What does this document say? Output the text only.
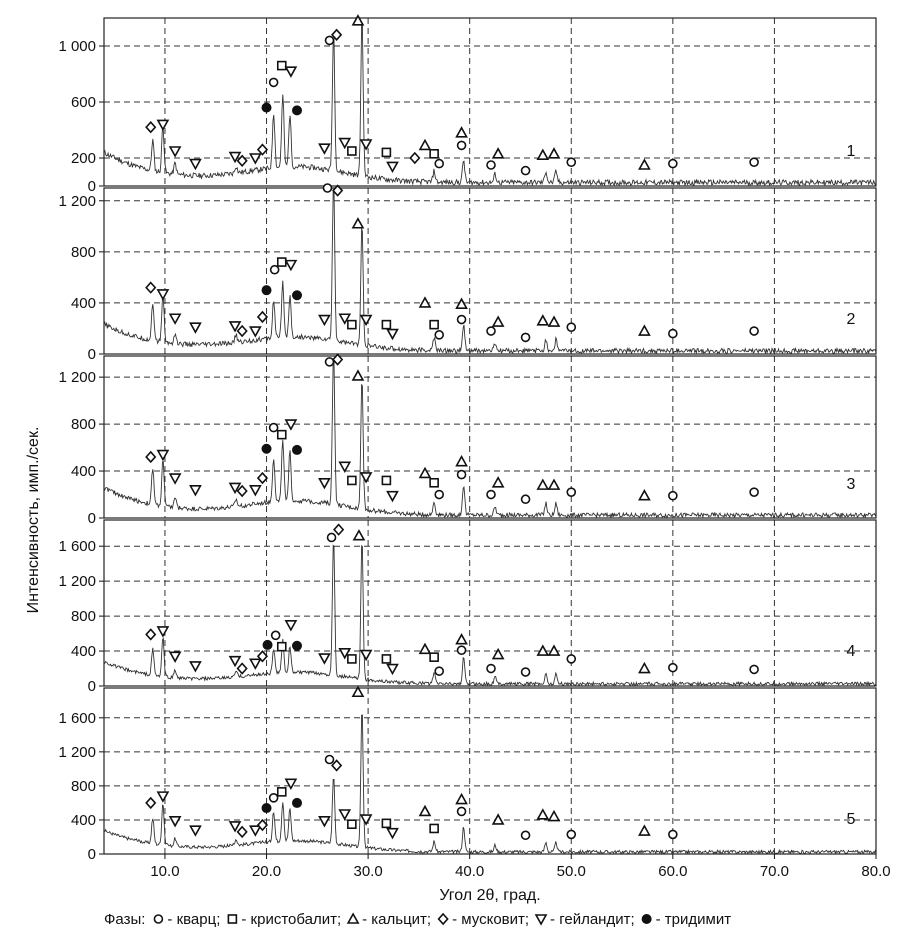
0
200
600
1 000
1
0
400
800
1 200
2
0
400
800
1 200
3
0
400
800
1 200
1 600
4
0
400
800
1 200
1 600
5
10.0	20.0	30.0	40.0	50.0	60.0	70.0	80.0
Интенсивность, имп./сек.
Угол 2θ, град.
Фазы: - кварц; - кристобалит; - кальцит; - мусковит; - гейландит; - тридимит
